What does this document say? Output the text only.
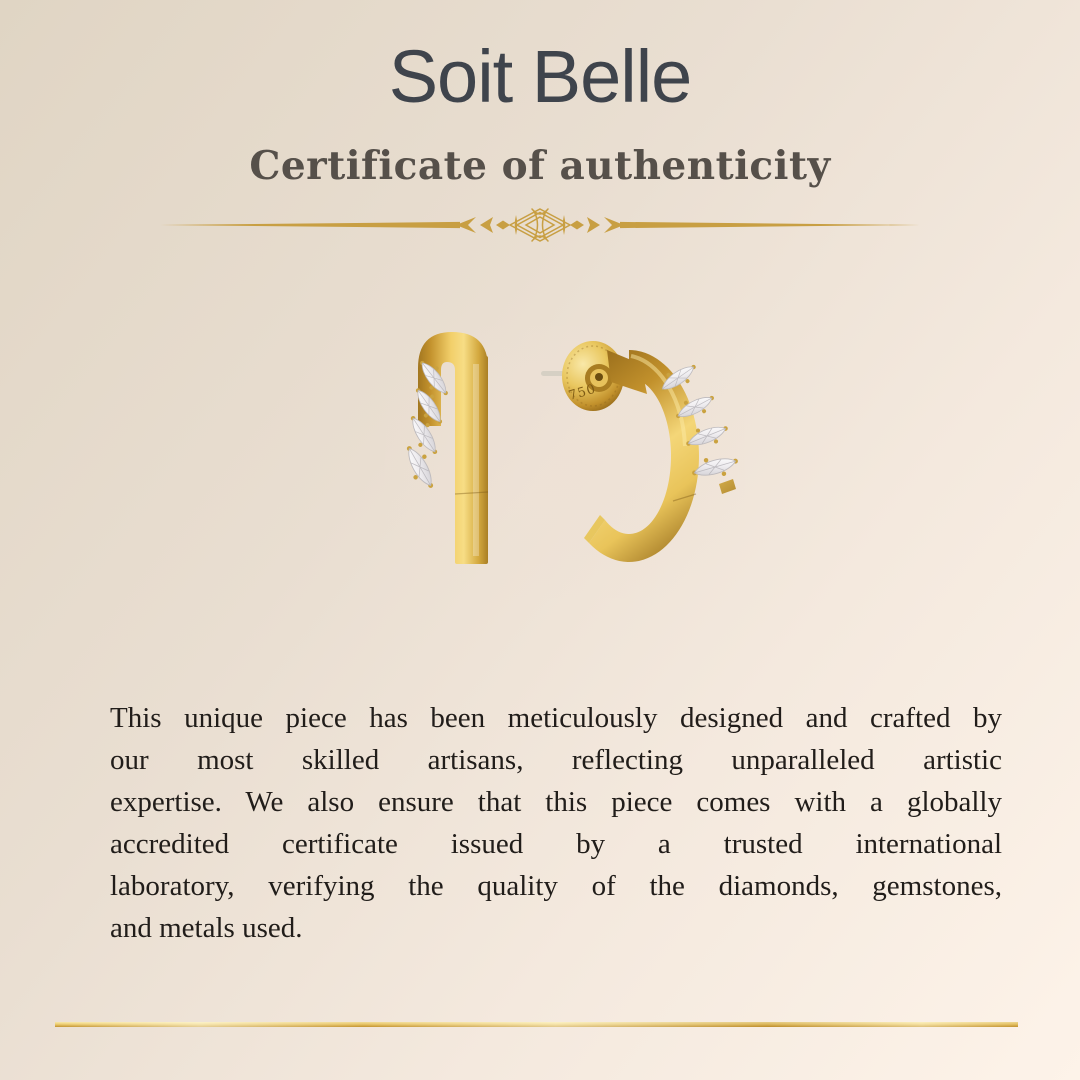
Soit Belle
Certificate of authenticity
750
This unique piece has been meticulously designed and crafted by
our most skilled artisans, reflecting unparalleled artistic
expertise. We also ensure that this piece comes with a globally
accredited certificate issued by a trusted international
laboratory, verifying the quality of the diamonds, gemstones,
and metals used.
